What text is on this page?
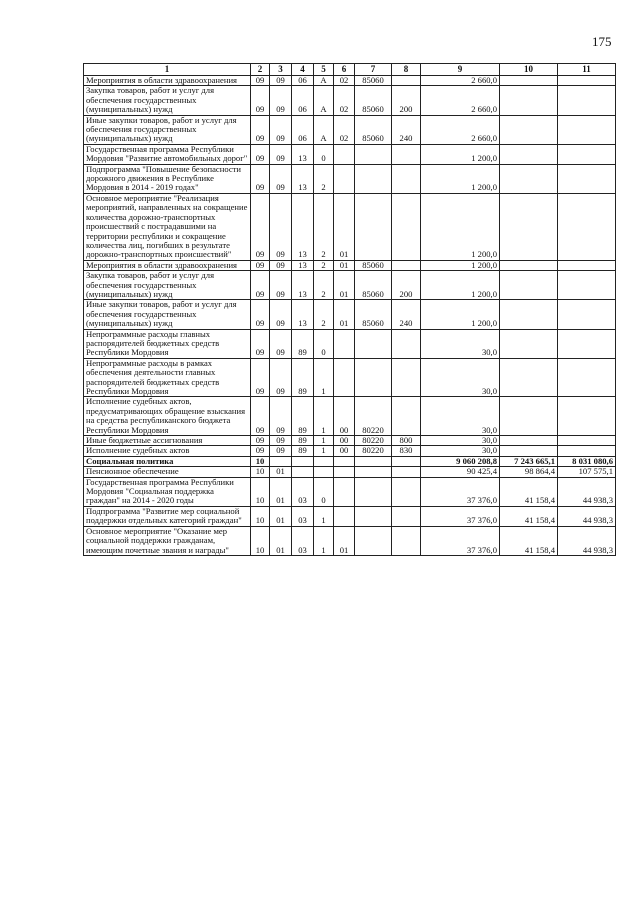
175
1	2	3	4	5	6	7	8	9	10	11
Мероприятия в области здравоохранения	09	09	06	A	02	85060		2 660,0		
Закупка товаров, работ и услуг для обеспечения государственных (муниципальных) нужд	09	09	06	A	02	85060	200	2 660,0		
Иные закупки товаров, работ и услуг для обеспечения государственных (муниципальных) нужд	09	09	06	A	02	85060	240	2 660,0		
Государственная программа Республики Мордовия "Развитие автомобильных дорог"	09	09	13	0				1 200,0		
Подпрограмма "Повышение безопасности дорожного движения в Республике Мордовия в 2014 - 2019 годах"	09	09	13	2				1 200,0		
Основное мероприятие "Реализация мероприятий, направленных на сокращение количества дорожно-транспортных происшествий с пострадавшими на территории республики и сокращение количества лиц, погибших в результате дорожно-транспортных происшествий"	09	09	13	2	01			1 200,0		
Мероприятия в области здравоохранения	09	09	13	2	01	85060		1 200,0		
Закупка товаров, работ и услуг для обеспечения государственных (муниципальных) нужд	09	09	13	2	01	85060	200	1 200,0		
Иные закупки товаров, работ и услуг для обеспечения государственных (муниципальных) нужд	09	09	13	2	01	85060	240	1 200,0		
Непрограммные расходы главных распорядителей бюджетных средств Республики Мордовия	09	09	89	0				30,0		
Непрограммные расходы в рамках обеспечения деятельности главных распорядителей бюджетных средств Республики Мордовия	09	09	89	1				30,0		
Исполнение судебных актов, предусматривающих обращение взыскания на средства республиканского бюджета Республики Мордовия	09	09	89	1	00	80220		30,0		
Иные бюджетные ассигнования	09	09	89	1	00	80220	800	30,0		
Исполнение судебных актов	09	09	89	1	00	80220	830	30,0		
Социальная политика	10							9 060 208,8	7 243 665,1	8 031 080,6
Пенсионное обеспечение	10	01						90 425,4	98 864,4	107 575,1
Государственная программа Республики Мордовия "Социальная поддержка граждан" на 2014 - 2020 годы	10	01	03	0				37 376,0	41 158,4	44 938,3
Подпрограмма "Развитие мер социальной поддержки отдельных категорий граждан"	10	01	03	1				37 376,0	41 158,4	44 938,3
Основное мероприятие "Оказание мер социальной поддержки гражданам, имеющим почетные звания и награды"	10	01	03	1	01			37 376,0	41 158,4	44 938,3
